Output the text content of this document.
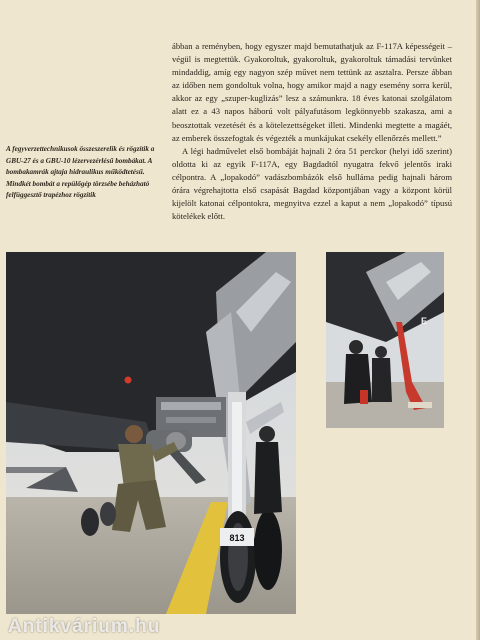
ábban a reményben, hogy egyszer majd bemutathatjuk az F-117A képességeit – végül is megtettük. Gyakoroltuk, gyakoroltuk, gyakoroltuk támadási tervünket mindaddig, amíg egy nagyon szép művet nem tettünk az asztalra. Persze ábban az időben nem gondoltuk volna, hogy amikor majd a nagy esemény sorra kerül, akkor az egy „szuper-kuglizás” lesz a számunkra. 18 éves katonai szolgálatom alatt ez a 43 napos háború volt pályafutásom legkönnyebb szakasza, ami a beosztottak vezetését és a kötelezettségeket illeti. Mindenki megtette a magáét, az emberek összefogtak és végezték a munkájukat csekély ellenőrzés mellett.”

A légi hadművelet első bombáját hajnali 2 óra 51 perckor (helyi idő szerint) oldotta ki az egyik F-117A, egy Bagdadtól nyugatra fekvő jelentős iraki célpontra. A „lopakodó” vadászbombázók első hulláma pedig hajnali három órára végrehajtotta első csapását Bagdad központjában vagy a központ körül kijelölt katonai célpontokra, megnyitva ezzel a kaput a nem „lopakodó” típusú kötelékek előtt.

A fegyverzettechnikusok összeszerelik és rögzítik a GBU-27 és a GBU-10 lézervezérlésű bombákat. A bombakamrák ajtaja hidraulikus működtetésű. Mindkét bombát a repülőgép törzsébe beházható felfüggesztő trapézhoz rögzítik

813
E
Antikvárium.hu
